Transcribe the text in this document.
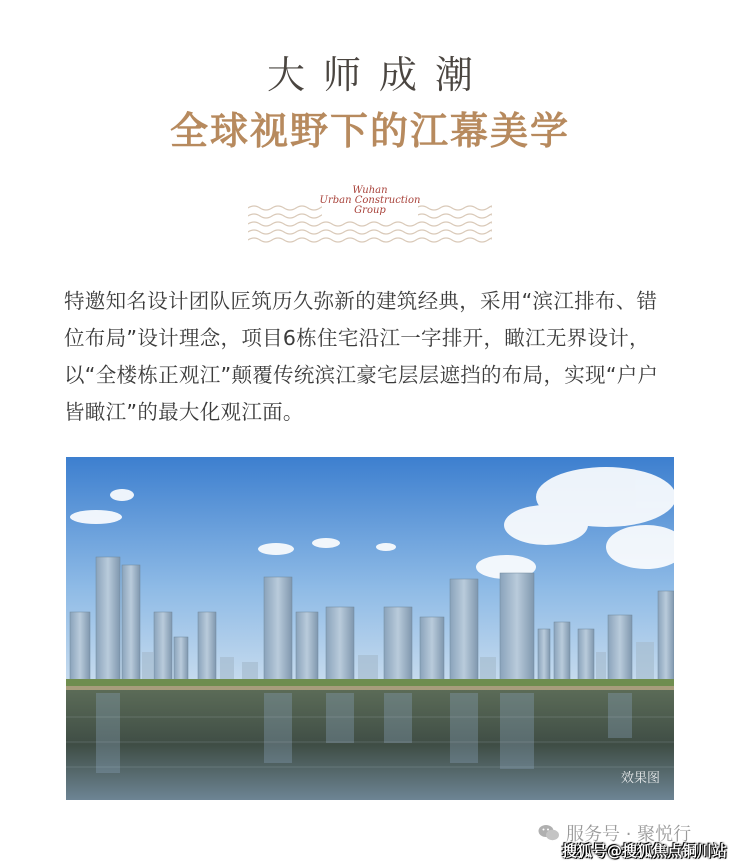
大师成潮
全球视野下的江幕美学
Wuhan
Urban Construction
Group

特邀知名设计团队匠筑历久弥新的建筑经典，采用“滨江排布、错位布局”设计理念，项目6栋住宅沿江一字排开，瞰江无界设计，以“全楼栋正观江”颠覆传统滨江豪宅层层遮挡的布局，实现“户户皆瞰江”的最大化观江面。

效果图
服务号 · 聚悦行
搜狐号@搜狐焦点铜川站
